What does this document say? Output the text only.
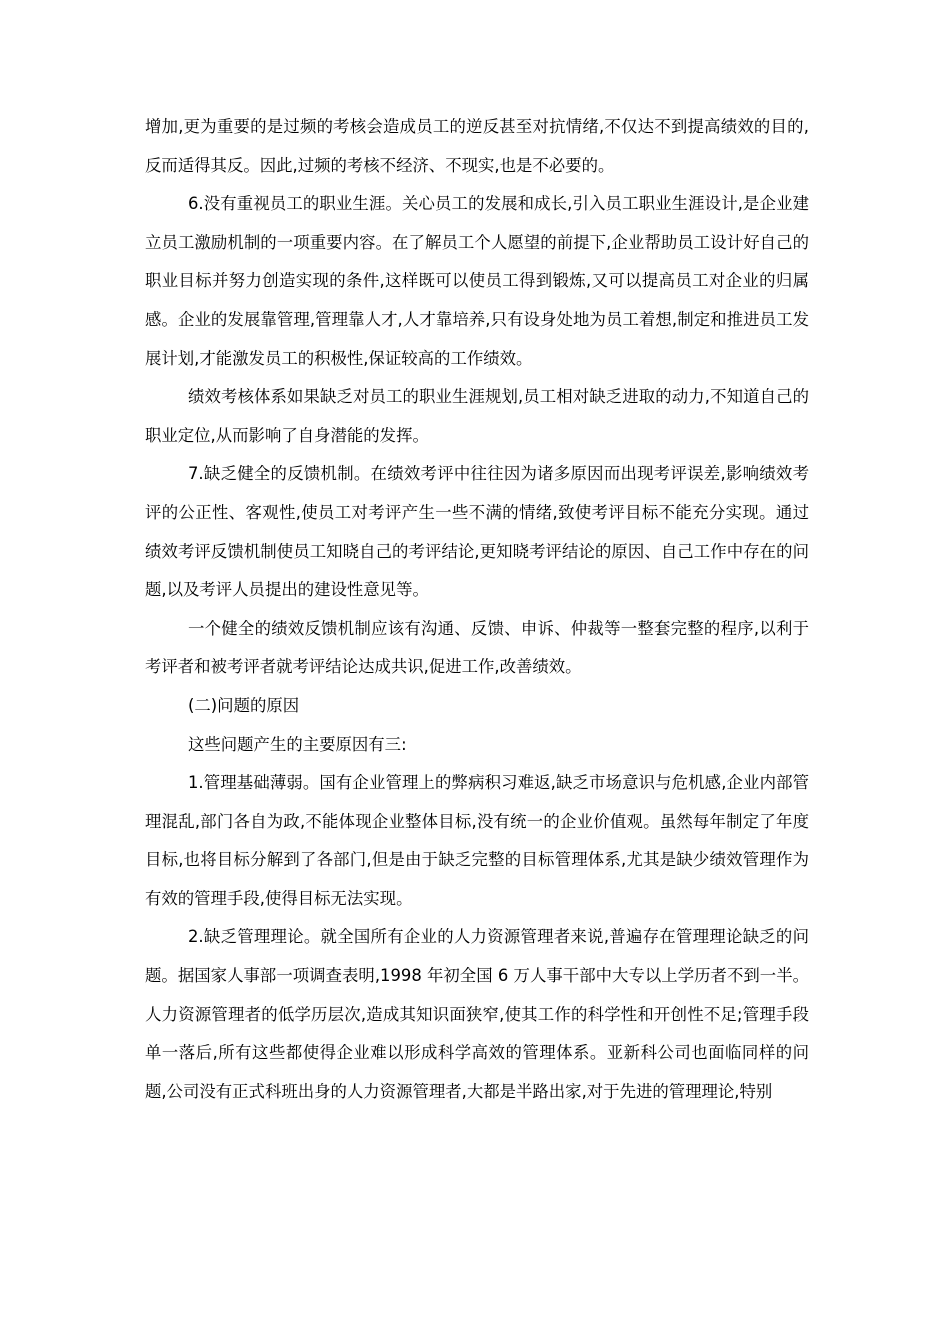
增加,更为重要的是过频的考核会造成员工的逆反甚至对抗情绪,不仅达不到提高绩效的目的,反而适得其反。因此,过频的考核不经济、不现实,也是不必要的。

6.没有重视员工的职业生涯。关心员工的发展和成长,引入员工职业生涯设计,是企业建立员工激励机制的一项重要内容。在了解员工个人愿望的前提下,企业帮助员工设计好自己的职业目标并努力创造实现的条件,这样既可以使员工得到锻炼,又可以提高员工对企业的归属感。企业的发展靠管理,管理靠人才,人才靠培养,只有设身处地为员工着想,制定和推进员工发展计划,才能激发员工的积极性,保证较高的工作绩效。

绩效考核体系如果缺乏对员工的职业生涯规划,员工相对缺乏进取的动力,不知道自己的职业定位,从而影响了自身潜能的发挥。

7.缺乏健全的反馈机制。在绩效考评中往往因为诸多原因而出现考评误差,影响绩效考评的公正性、客观性,使员工对考评产生一些不满的情绪,致使考评目标不能充分实现。通过绩效考评反馈机制使员工知晓自己的考评结论,更知晓考评结论的原因、自己工作中存在的问题,以及考评人员提出的建设性意见等。

一个健全的绩效反馈机制应该有沟通、反馈、申诉、仲裁等一整套完整的程序,以利于考评者和被考评者就考评结论达成共识,促进工作,改善绩效。

(二)问题的原因

这些问题产生的主要原因有三:

1.管理基础薄弱。国有企业管理上的弊病积习难返,缺乏市场意识与危机感,企业内部管理混乱,部门各自为政,不能体现企业整体目标,没有统一的企业价值观。虽然每年制定了年度目标,也将目标分解到了各部门,但是由于缺乏完整的目标管理体系,尤其是缺少绩效管理作为有效的管理手段,使得目标无法实现。

2.缺乏管理理论。就全国所有企业的人力资源管理者来说,普遍存在管理理论缺乏的问题。据国家人事部一项调查表明,1998 年初全国 6 万人事干部中大专以上学历者不到一半。人力资源管理者的低学历层次,造成其知识面狭窄,使其工作的科学性和开创性不足;管理手段单一落后,所有这些都使得企业难以形成科学高效的管理体系。亚新科公司也面临同样的问题,公司没有正式科班出身的人力资源管理者,大都是半路出家,对于先进的管理理论,特别
